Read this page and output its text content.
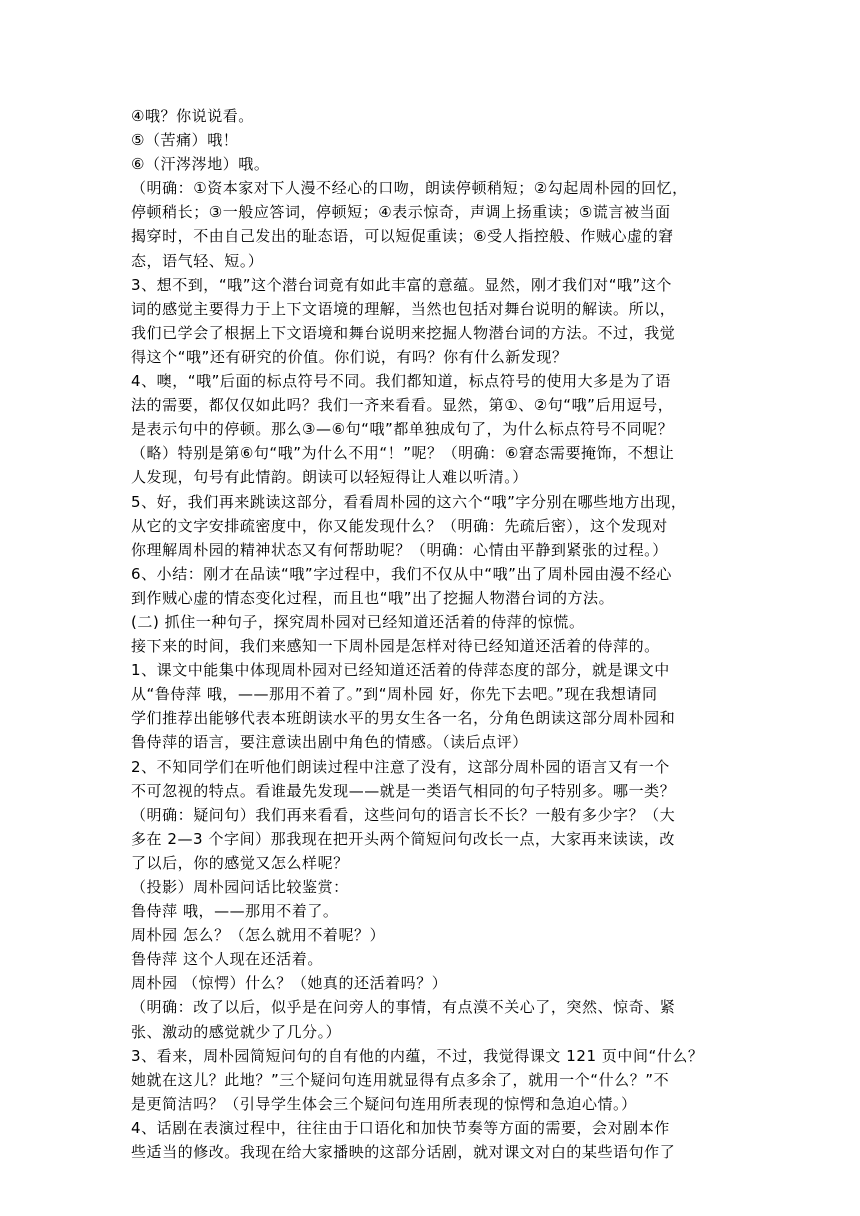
④哦？你说说看。
⑤（苦痛）哦！
⑥（汗涔涔地）哦。
（明确：①资本家对下人漫不经心的口吻，朗读停顿稍短；②勾起周朴园的回忆，
停顿稍长；③一般应答词，停顿短；④表示惊奇，声调上扬重读；⑤谎言被当面
揭穿时，不由自己发出的耻态语，可以短促重读；⑥受人指控般、作贼心虚的窘
态，语气轻、短。）
3、想不到，“哦”这个潜台词竟有如此丰富的意蕴。显然，刚才我们对“哦”这个
词的感觉主要得力于上下文语境的理解，当然也包括对舞台说明的解读。所以，
我们已学会了根据上下文语境和舞台说明来挖掘人物潜台词的方法。不过，我觉
得这个“哦”还有研究的价值。你们说，有吗？你有什么新发现？
4、噢，“哦”后面的标点符号不同。我们都知道，标点符号的使用大多是为了语
法的需要，都仅仅如此吗？我们一齐来看看。显然，第①、②句“哦”后用逗号，
是表示句中的停顿。那么③—⑥句“哦”都单独成句了，为什么标点符号不同呢？
（略）特别是第⑥句“哦”为什么不用“！”呢？（明确：⑥窘态需要掩饰，不想让
人发现，句号有此情韵。朗读可以轻短得让人难以听清。）
5、好，我们再来跳读这部分，看看周朴园的这六个“哦”字分别在哪些地方出现，
从它的文字安排疏密度中，你又能发现什么？（明确：先疏后密），这个发现对
你理解周朴园的精神状态又有何帮助呢？（明确：心情由平静到紧张的过程。）
6、小结：刚才在品读“哦”字过程中，我们不仅从中“哦”出了周朴园由漫不经心
到作贼心虚的情态变化过程，而且也“哦”出了挖掘人物潜台词的方法。
(二) 抓住一种句子，探究周朴园对已经知道还活着的侍萍的惊慌。
接下来的时间，我们来感知一下周朴园是怎样对待已经知道还活着的侍萍的。
1、课文中能集中体现周朴园对已经知道还活着的侍萍态度的部分，就是课文中
从“鲁侍萍 哦，——那用不着了。”到“周朴园 好，你先下去吧。”现在我想请同
学们推荐出能够代表本班朗读水平的男女生各一名，分角色朗读这部分周朴园和
鲁侍萍的语言，要注意读出剧中角色的情感。（读后点评）
2、不知同学们在听他们朗读过程中注意了没有，这部分周朴园的语言又有一个
不可忽视的特点。看谁最先发现——就是一类语气相同的句子特别多。哪一类？
（明确：疑问句）我们再来看看，这些问句的语言长不长？一般有多少字？（大
多在 2—3 个字间）那我现在把开头两个简短问句改长一点，大家再来读读，改
了以后，你的感觉又怎么样呢？
（投影）周朴园问话比较鉴赏：
鲁侍萍 哦，——那用不着了。
周朴园 怎么？（怎么就用不着呢？）
鲁侍萍 这个人现在还活着。
周朴园 （惊愕）什么？（她真的还活着吗？）
（明确：改了以后，似乎是在问旁人的事情，有点漠不关心了，突然、惊奇、紧
张、激动的感觉就少了几分。）
3、看来，周朴园简短问句的自有他的内蕴，不过，我觉得课文 121 页中间“什么？
她就在这儿？此地？”三个疑问句连用就显得有点多余了，就用一个“什么？”不
是更简洁吗？（引导学生体会三个疑问句连用所表现的惊愕和急迫心情。）
4、话剧在表演过程中，往往由于口语化和加快节奏等方面的需要，会对剧本作
些适当的修改。我现在给大家播映的这部分话剧，就对课文对白的某些语句作了
